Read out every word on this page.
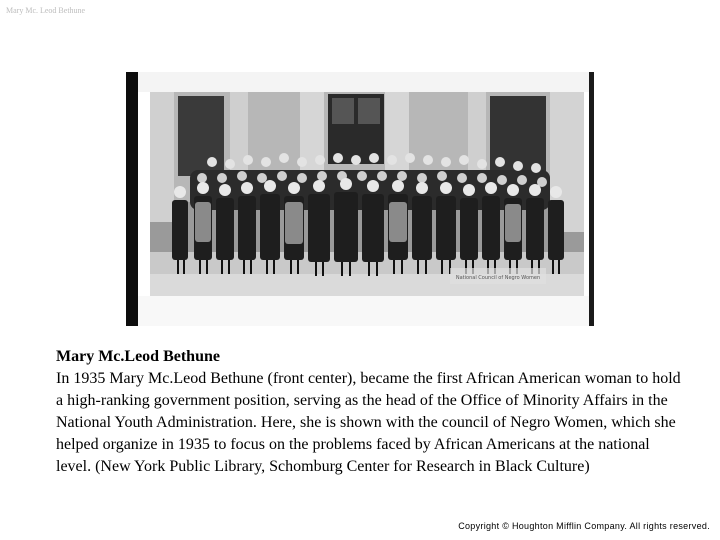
Mary Mc. Leod Bethune
National Council of Negro Women
Mary Mc.Leod Bethune
In 1935 Mary Mc.Leod Bethune (front center), became the first African American woman to hold a high-ranking government position, serving as the head of the Office of Minority Affairs in the National Youth Administration. Here, she is shown with the council of Negro Women, which she helped organize in 1935 to focus on the problems faced by African Americans at the national level. (New York Public Library, Schomburg Center for Research in Black Culture)
Copyright © Houghton Mifflin Company. All rights reserved.
